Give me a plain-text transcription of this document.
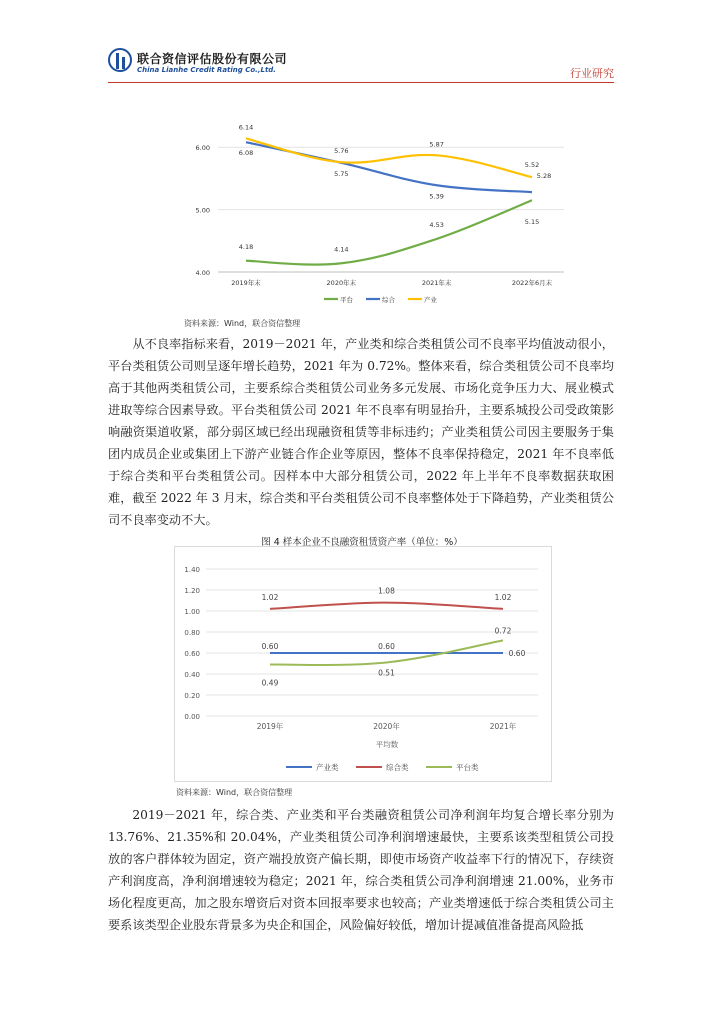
联合资信评估股份有限公司
China Lianhe Credit Rating Co.,Ltd.	行业研究
4.00
5.00
6.00
2019年末	2020年末	2021年末	2022年6月末
4.18	4.14
4.53	5.15
6.08
5.75
5.39
5.28
6.14
5.76
5.87
5.52
平台	综合	产业
资料来源：Wind，联合资信整理

从不良率指标来看，2019－2021 年，产业类和综合类租赁公司不良率平均值波动很小，平台类租赁公司则呈逐年增长趋势，2021 年为 0.72%。整体来看，综合类租赁公司不良率均高于其他两类租赁公司，主要系综合类租赁公司业务多元发展、市场化竞争压力大、展业模式进取等综合因素导致。平台类租赁公司 2021 年不良率有明显抬升，主要系城投公司受政策影响融资渠道收紧，部分弱区域已经出现融资租赁等非标违约；产业类租赁公司因主要服务于集团内成员企业或集团上下游产业链合作企业等原因，整体不良率保持稳定，2021 年不良率低于综合类和平台类租赁公司。因样本中大部分租赁公司，2022 年上半年不良率数据获取困难，截至 2022 年 3 月末，综合类和平台类租赁公司不良率整体处于下降趋势，产业类租赁公司不良率变动不大。

图 4 样本企业不良融资租赁资产率（单位：%）
0.00
0.20
0.40
0.60
0.80
1.00
1.20
1.40
2019年	2020年	2021年
平均数
0.60	0.60
0.60
1.02
1.08
1.02
0.49
0.51
0.72
产业类	综合类	平台类
资料来源：Wind，联合资信整理

2019－2021 年，综合类、产业类和平台类融资租赁公司净利润年均复合增长率分别为 13.76%、21.35%和 20.04%，产业类租赁公司净利润增速最快，主要系该类型租赁公司投放的客户群体较为固定，资产端投放资产偏长期，即使市场资产收益率下行的情况下，存续资产利润度高，净利润增速较为稳定；2021 年，综合类租赁公司净利润增速 21.00%，业务市场化程度更高，加之股东增资后对资本回报率要求也较高；产业类增速低于综合类租赁公司主要系该类型企业股东背景多为央企和国企，风险偏好较低，增加计提减值准备提高风险抵
